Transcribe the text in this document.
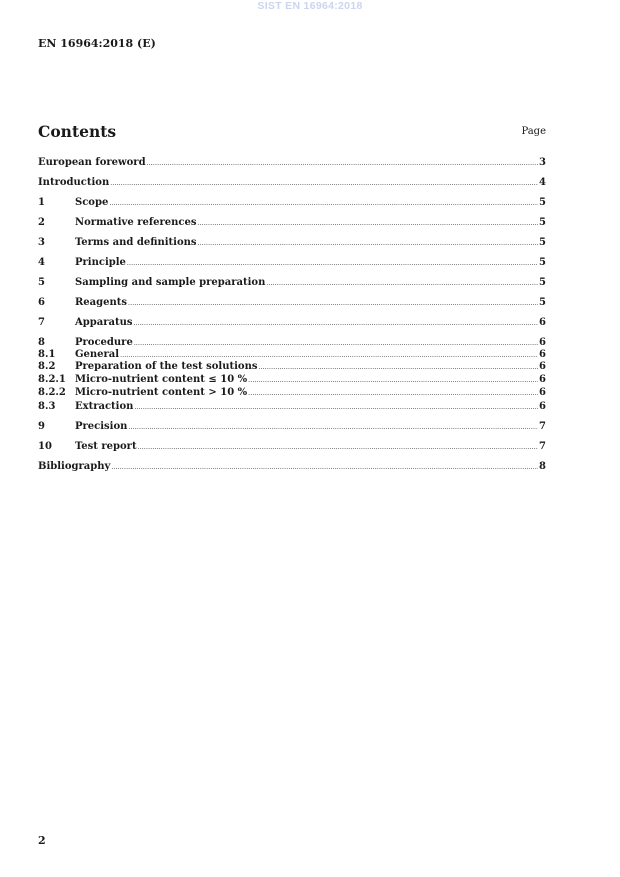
SIST EN 16964:2018
EN 16964:2018 (E)
Contents	Page
European foreword .....	3
Introduction .....	4
1	Scope .....	5
2	Normative references .....	5
3	Terms and definitions .....	5
4	Principle .....	5
5	Sampling and sample preparation .....	5
6	Reagents .....	5
7	Apparatus .....	6
8	Procedure .....	6
8.1	General .....	6
8.2	Preparation of the test solutions .....	6
8.2.1 Micro-nutrient content ≤ 10 % .....	6
8.2.2 Micro-nutrient content > 10 % .....	6
8.3	Extraction .....	6
9	Precision .....	7
10	Test report .....	7
Bibliography .....	8
2
